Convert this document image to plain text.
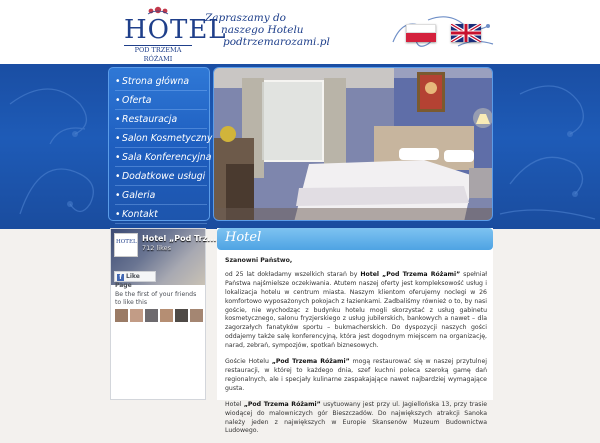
HOTEL
POD TRZEMA RÓŻAMI
Zapraszamy do
naszego Hotelu
podtrzemarozami.pl
• Strona główna
• Oferta
• Restauracja
• Salon Kosmetyczny
• Sala Konferencyjna
• Dodatkowe usługi
• Galeria
• Kontakt
HOTEL Hotel „Pod Trz...
712 likes
f Like Page
Be the first of your friends to like this
Hotel

Szanowni Państwo,

od 25 lat dokładamy wszelkich starań by Hotel „Pod Trzema Różami” spełniał Państwa najśmielsze oczekiwania. Atutem naszej oferty jest kompleksowość usług i lokalizacja hotelu w centrum miasta. Naszym klientom oferujemy noclegi w 26 komfortowo wyposażonych pokojach z łazienkami. Zadbaliśmy również o to, by nasi goście, nie wychodząc z budynku hotelu mogli skorzystać z usług gabinetu kosmetycznego, salonu fryzjerskiego z usług jubilerskich, bankowych a nawet – dla zagorzałych fanatyków sportu – bukmacherskich. Do dyspozycji naszych gości oddajemy także salę konferencyjną, która jest dogodnym miejscem na organizację, narad, zebrań, sympozjów, spotkań biznesowych.

Goście Hotelu „Pod Trzema Różami” mogą restaurować się w naszej przytulnej restauracji, w której to każdego dnia, szef kuchni poleca szeroką gamę dań regionalnych, ale i specjały kulinarne zaspakajające nawet najbardziej wymagające gusta.

Hotel „Pod Trzema Różami” usytuowany jest przy ul. Jagiellońska 13, przy trasie wiodącej do malowniczych gór Bieszczadów. Do największych atrakcji Sanoka należy jeden z największych w Europie Skansenów Muzeum Budownictwa Ludowego.
